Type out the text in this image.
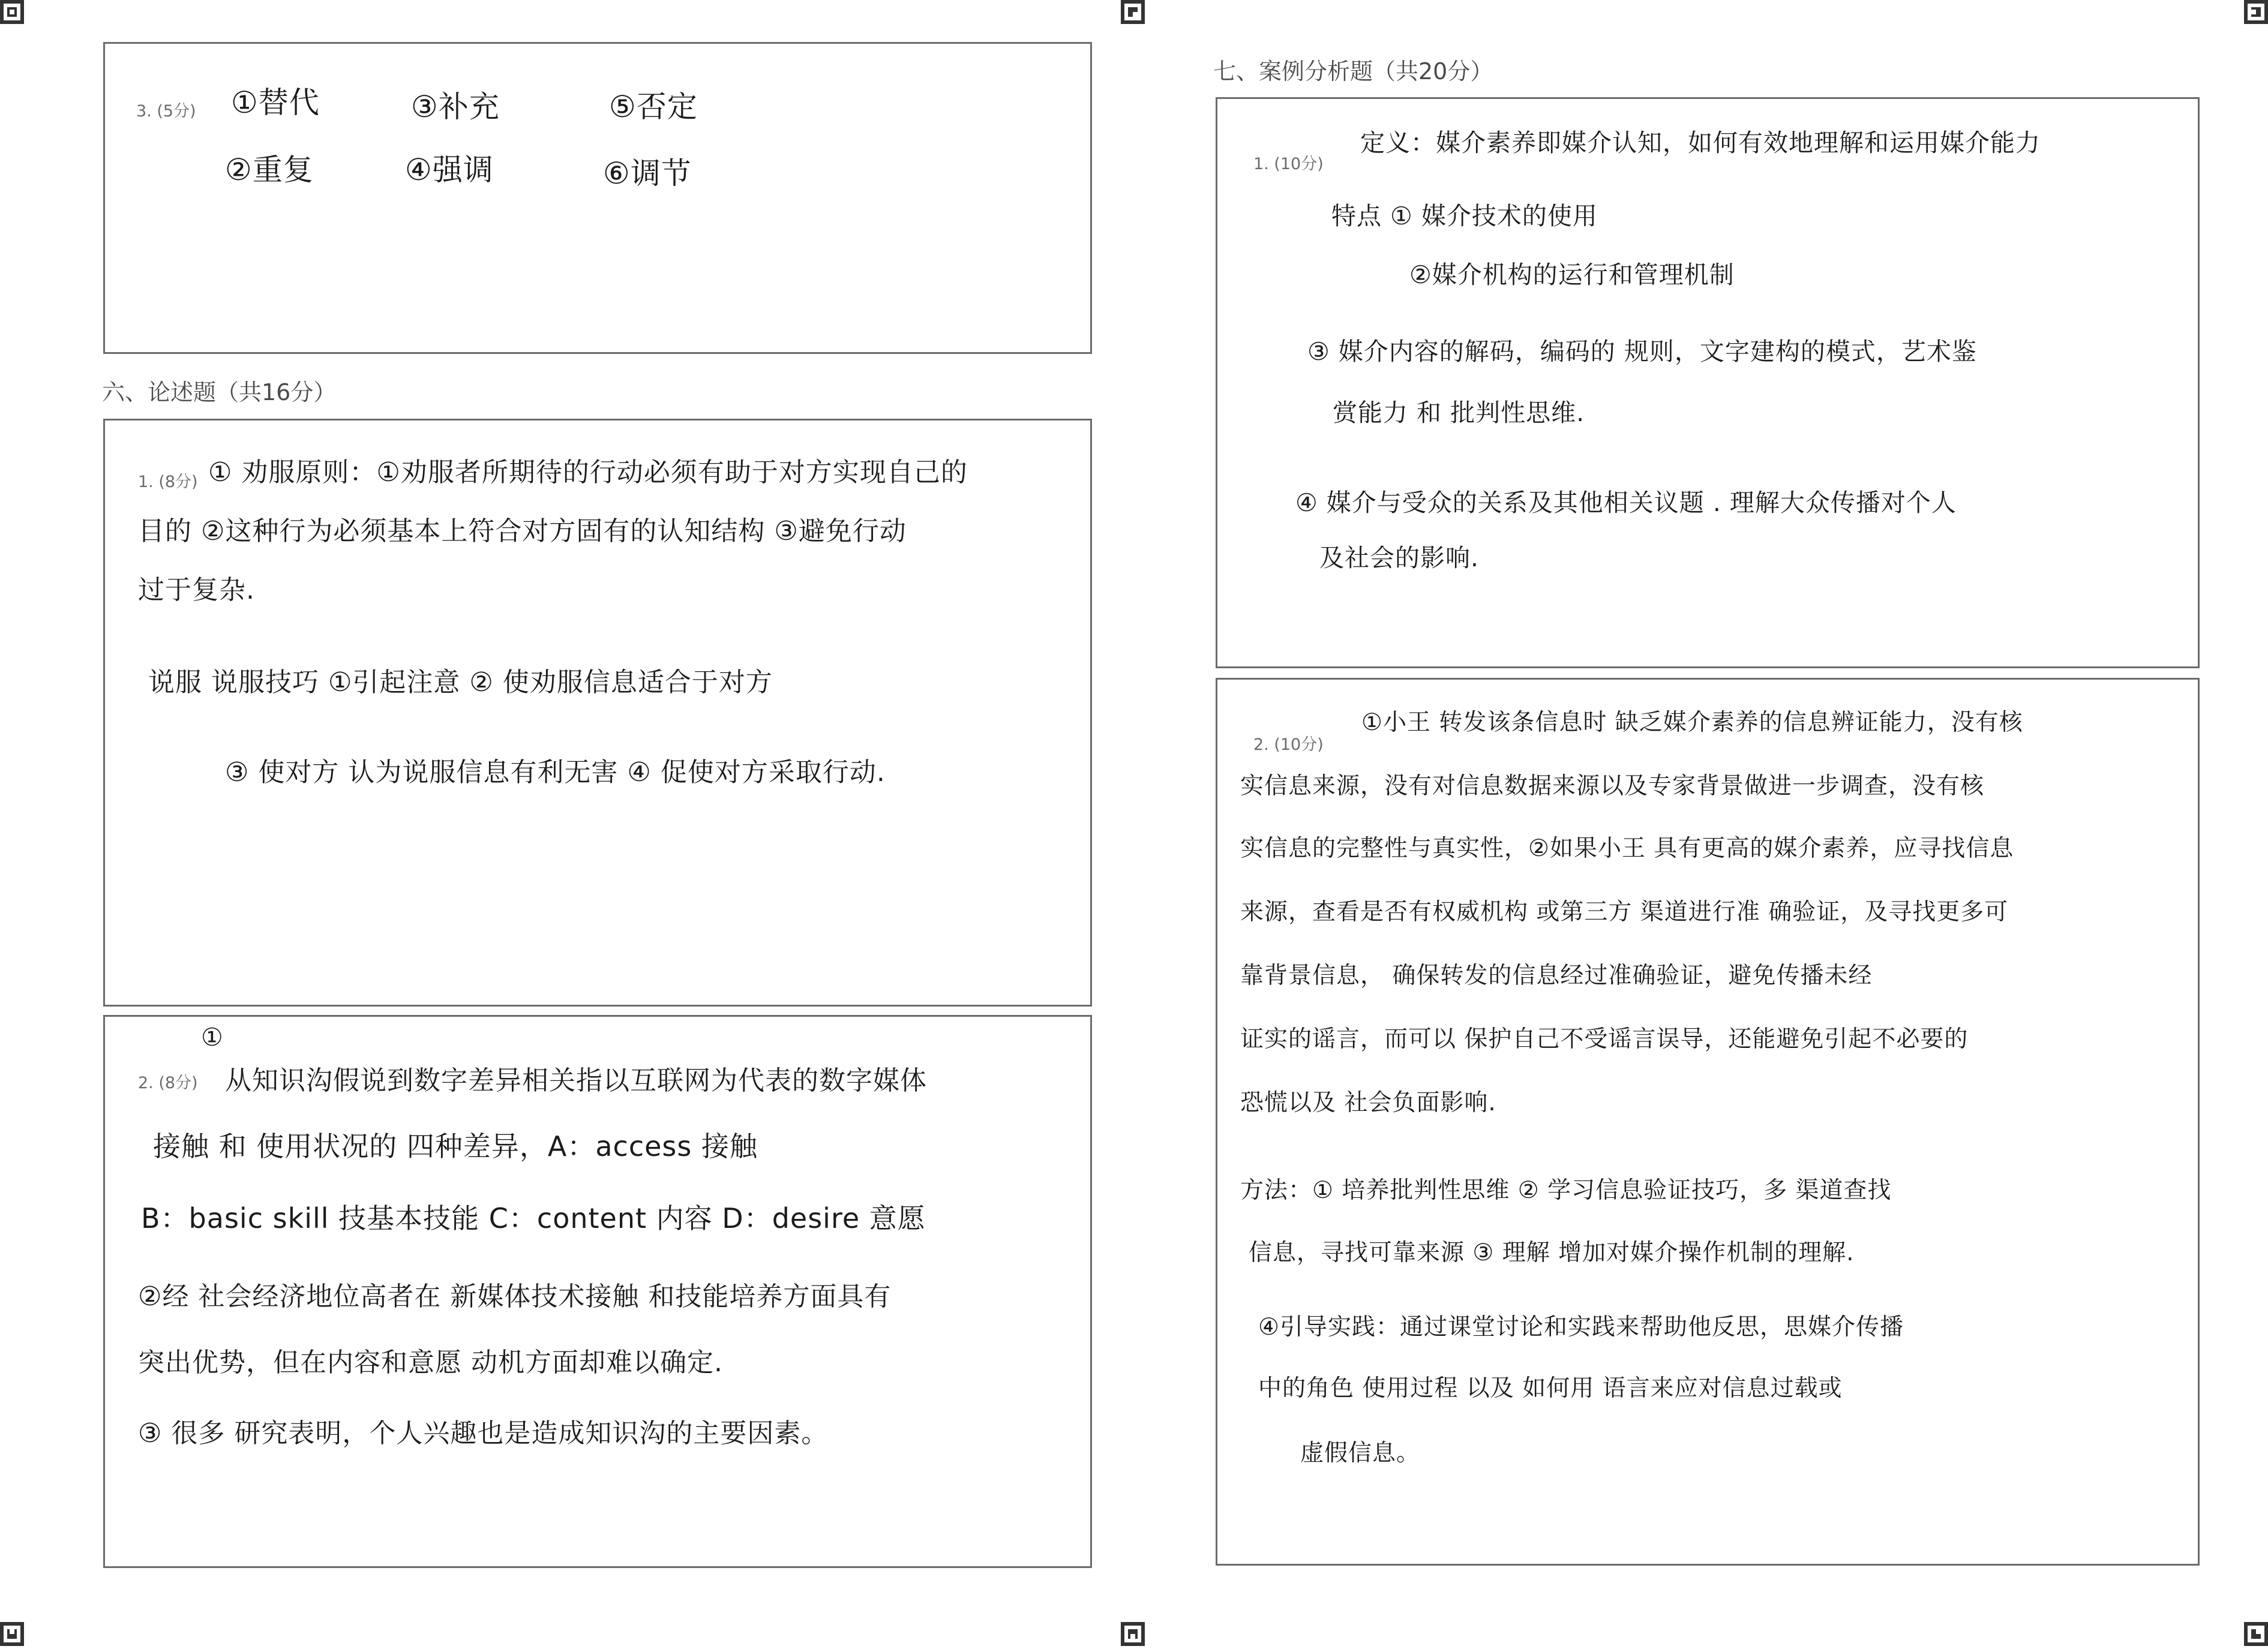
3. (5分) ①替代	③补充	⑤否定
②重复	④强调	⑥调节
六、论述题（共16分）
1. (8分) ① 劝服原则：①劝服者所期待的行动必须有助于对方实现自己的
目的 ②这种行为必须基本上符合对方固有的认知结构 ③避免行动
过于复杂.
说服 说服技巧 ①引起注意 ② 使劝服信息适合于对方
③ 使对方 认为说服信息有利无害 ④ 促使对方采取行动.
2. (8分)
①
从知识沟假说到数字差异相关指以互联网为代表的数字媒体
接触 和 使用状况的 四种差异，A：access 接触
B：basic skill 技基本技能 C：content 内容 D：desire 意愿
②经 社会经济地位高者在 新媒体技术接触 和技能培养方面具有
突出优势，但在内容和意愿 动机方面却难以确定.
③ 很多 研究表明，个人兴趣也是造成知识沟的主要因素。
七、案例分析题（共20分）
1. (10分)
定义：媒介素养即媒介认知，如何有效地理解和运用媒介能力
特点 ① 媒介技术的使用
②媒介机构的运行和管理机制
③ 媒介内容的解码，编码的 规则，文字建构的模式，艺术鉴
赏能力 和 批判性思维.
④ 媒介与受众的关系及其他相关议题 . 理解大众传播对个人
及社会的影响.
2. (10分)
①小王 转发该条信息时 缺乏媒介素养的信息辨证能力，没有核
实信息来源，没有对信息数据来源以及专家背景做进一步调查，没有核
实信息的完整性与真实性，②如果小王 具有更高的媒介素养，应寻找信息
来源，查看是否有权威机构 或第三方 渠道进行准 确验证，及寻找更多可
靠背景信息， 确保转发的信息经过准确验证，避免传播未经
证实的谣言，而可以 保护自己不受谣言误导，还能避免引起不必要的
恐慌以及 社会负面影响.
方法：① 培养批判性思维 ② 学习信息验证技巧，多 渠道查找
信息，寻找可靠来源 ③ 理解 增加对媒介操作机制的理解.
④引导实践：通过课堂讨论和实践来帮助他反思，思媒介传播
中的角色 使用过程 以及 如何用 语言来应对信息过载或
虚假信息。
